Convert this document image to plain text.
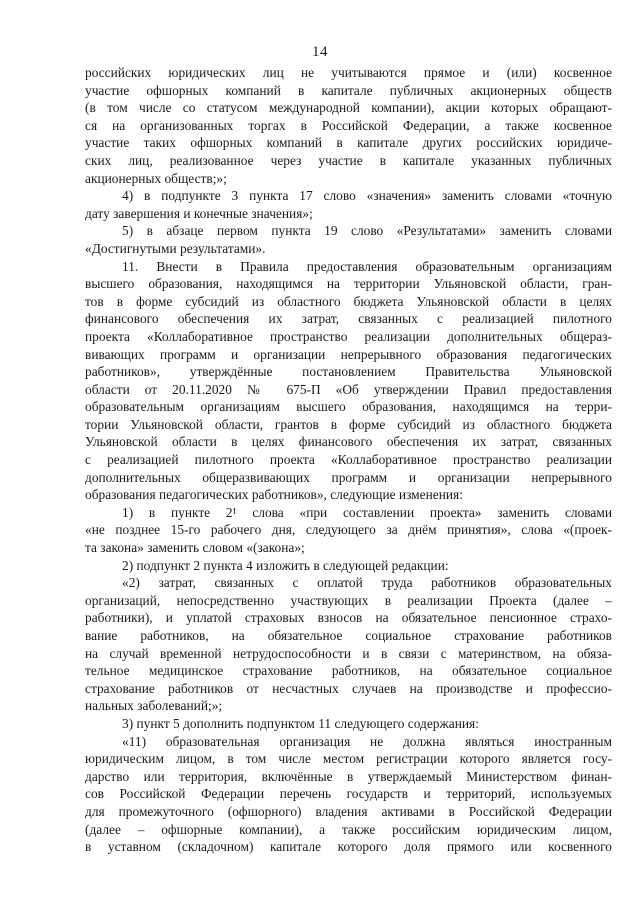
14
российских юридических лиц не учитываются прямое и (или) косвенное
участие офшорных компаний в капитале публичных акционерных обществ
(в том числе со статусом международной компании), акции которых обращают-
ся на организованных торгах в Российской Федерации, а также косвенное
участие таких офшорных компаний в капитале других российских юридиче-
ских лиц, реализованное через участие в капитале указанных публичных
акционерных обществ;»;
4) в подпункте 3 пункта 17 слово «значения» заменить словами «точную
дату завершения и конечные значения»;
5) в абзаце первом пункта 19 слово «Результатами» заменить словами
«Достигнутыми результатами».
11. Внести в Правила предоставления образовательным организациям
высшего образования, находящимся на территории Ульяновской области, гран-
тов в форме субсидий из областного бюджета Ульяновской области в целях
финансового обеспечения их затрат, связанных с реализацией пилотного
проекта «Коллаборативное пространство реализации дополнительных общераз-
вивающих программ и организации непрерывного образования педагогических
работников», утверждённые постановлением Правительства Ульяновской
области от 20.11.2020 № 675-П «Об утверждении Правил предоставления
образовательным организациям высшего образования, находящимся на терри-
тории Ульяновской области, грантов в форме субсидий из областного бюджета
Ульяновской области в целях финансового обеспечения их затрат, связанных
с реализацией пилотного проекта «Коллаборативное пространство реализации
дополнительных общеразвивающих программ и организации непрерывного
образования педагогических работников», следующие изменения:
1) в пункте 2¹ слова «при составлении проекта» заменить словами
«не позднее 15-го рабочего дня, следующего за днём принятия», слова «(проек-
та закона» заменить словом «(закона»;
2) подпункт 2 пункта 4 изложить в следующей редакции:
«2) затрат, связанных с оплатой труда работников образовательных
организаций, непосредственно участвующих в реализации Проекта (далее –
работники), и уплатой страховых взносов на обязательное пенсионное страхо-
вание работников, на обязательное социальное страхование работников
на случай временной нетрудоспособности и в связи с материнством, на обяза-
тельное медицинское страхование работников, на обязательное социальное
страхование работников от несчастных случаев на производстве и профессио-
нальных заболеваний;»;
3) пункт 5 дополнить подпунктом 11 следующего содержания:
«11) образовательная организация не должна являться иностранным
юридическим лицом, в том числе местом регистрации которого является госу-
дарство или территория, включённые в утверждаемый Министерством финан-
сов Российской Федерации перечень государств и территорий, используемых
для промежуточного (офшорного) владения активами в Российской Федерации
(далее – офшорные компании), а также российским юридическим лицом,
в уставном (складочном) капитале которого доля прямого или косвенного
